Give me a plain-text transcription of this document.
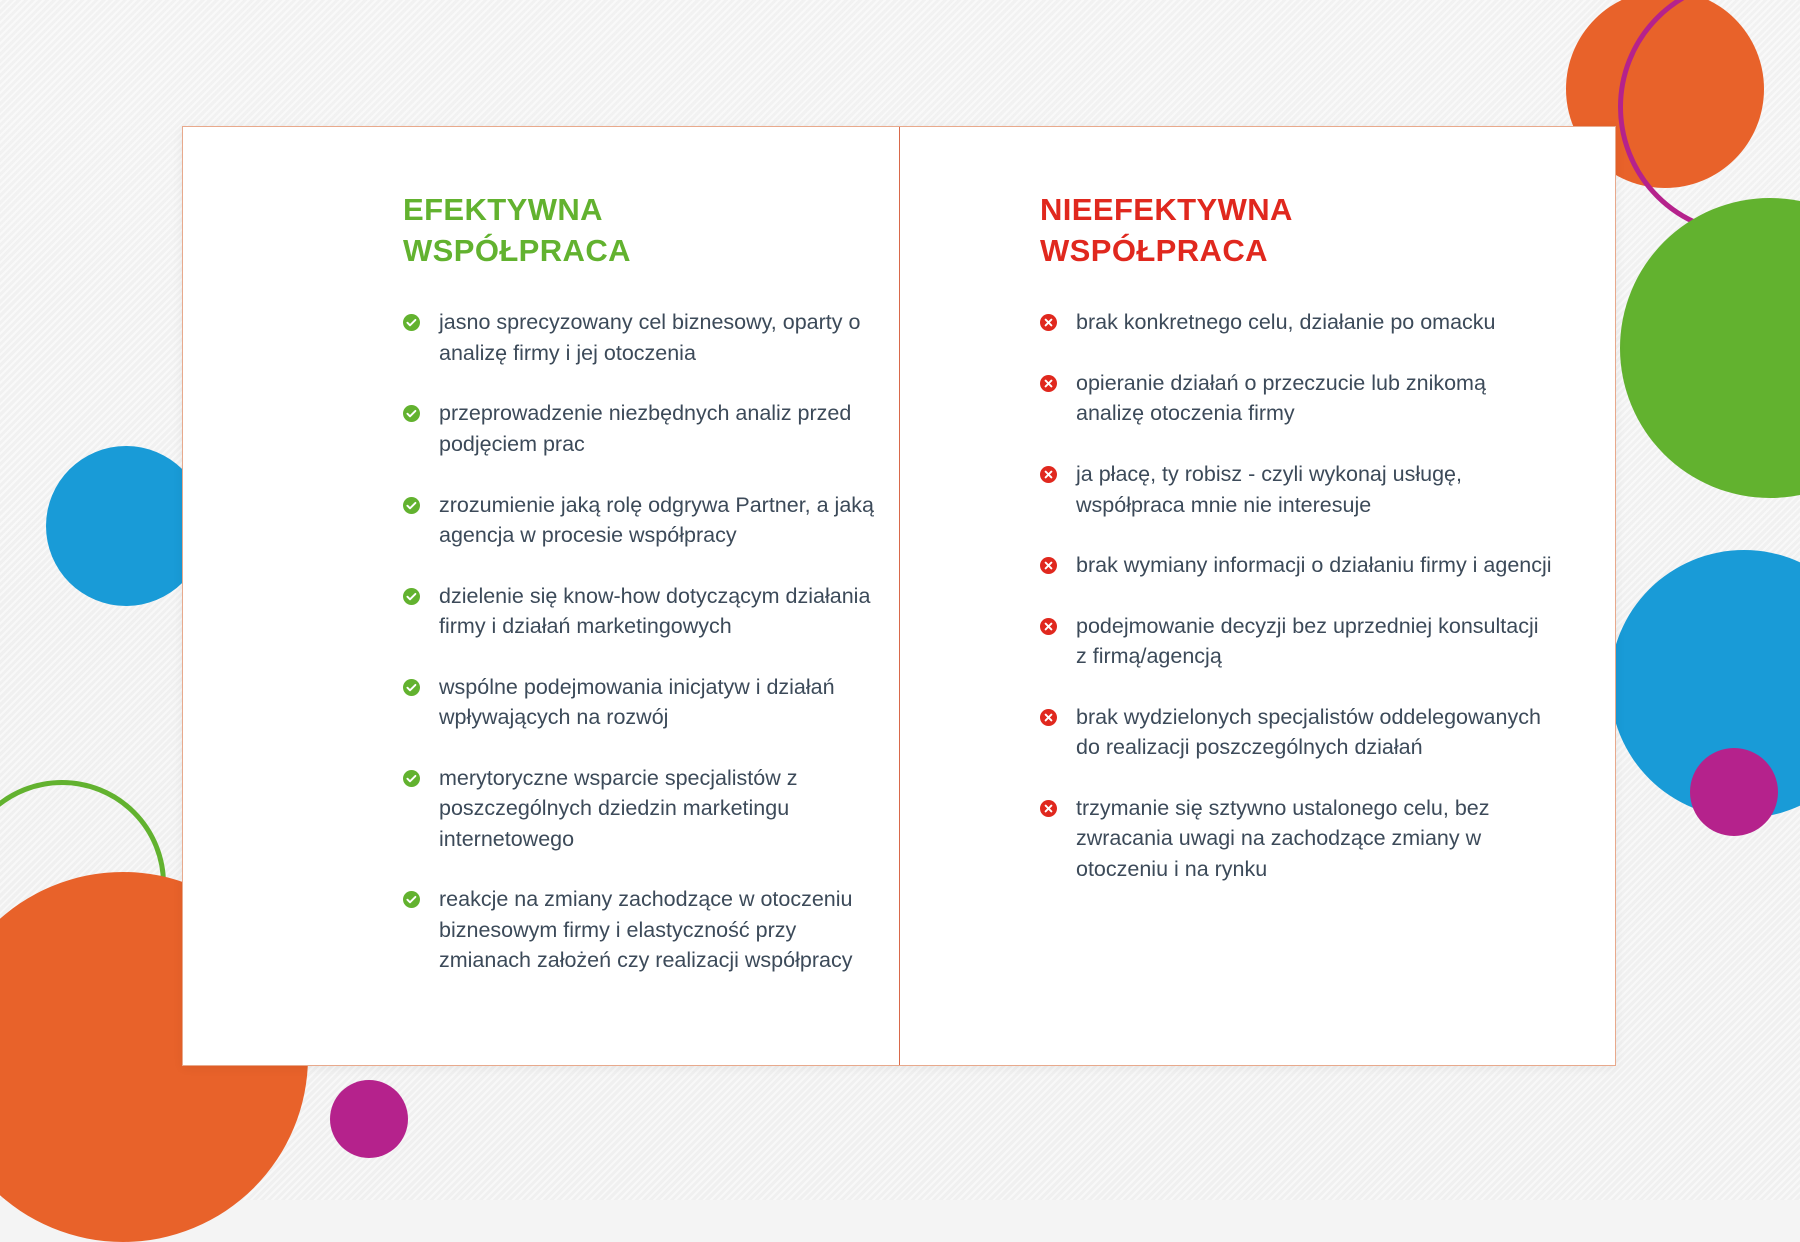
EFEKTYWNA
WSPÓŁPRACA
jasno sprecyzowany cel biznesowy, oparty o analizę firmy i jej otoczenia
przeprowadzenie niezbędnych analiz przed podjęciem prac
zrozumienie jaką rolę odgrywa Partner, a jaką agencja w procesie współpracy
dzielenie się know-how dotyczącym działania firmy i działań marketingowych
wspólne podejmowania inicjatyw i działań wpływających na rozwój
merytoryczne wsparcie specjalistów z poszczególnych dziedzin marketingu internetowego
reakcje na zmiany zachodzące w otoczeniu biznesowym firmy i elastyczność przy zmianach założeń czy realizacji współpracy
NIEEFEKTYWNA
WSPÓŁPRACA
brak konkretnego celu, działanie po omacku
opieranie działań o przeczucie lub znikomą analizę otoczenia firmy
ja płacę, ty robisz - czyli wykonaj usługę, współpraca mnie nie interesuje
brak wymiany informacji o działaniu firmy i agencji
podejmowanie decyzji bez uprzedniej konsultacji z firmą/agencją
brak wydzielonych specjalistów oddelegowanych do realizacji poszczególnych działań
trzymanie się sztywno ustalonego celu, bez zwracania uwagi na zachodzące zmiany w otoczeniu i na rynku
